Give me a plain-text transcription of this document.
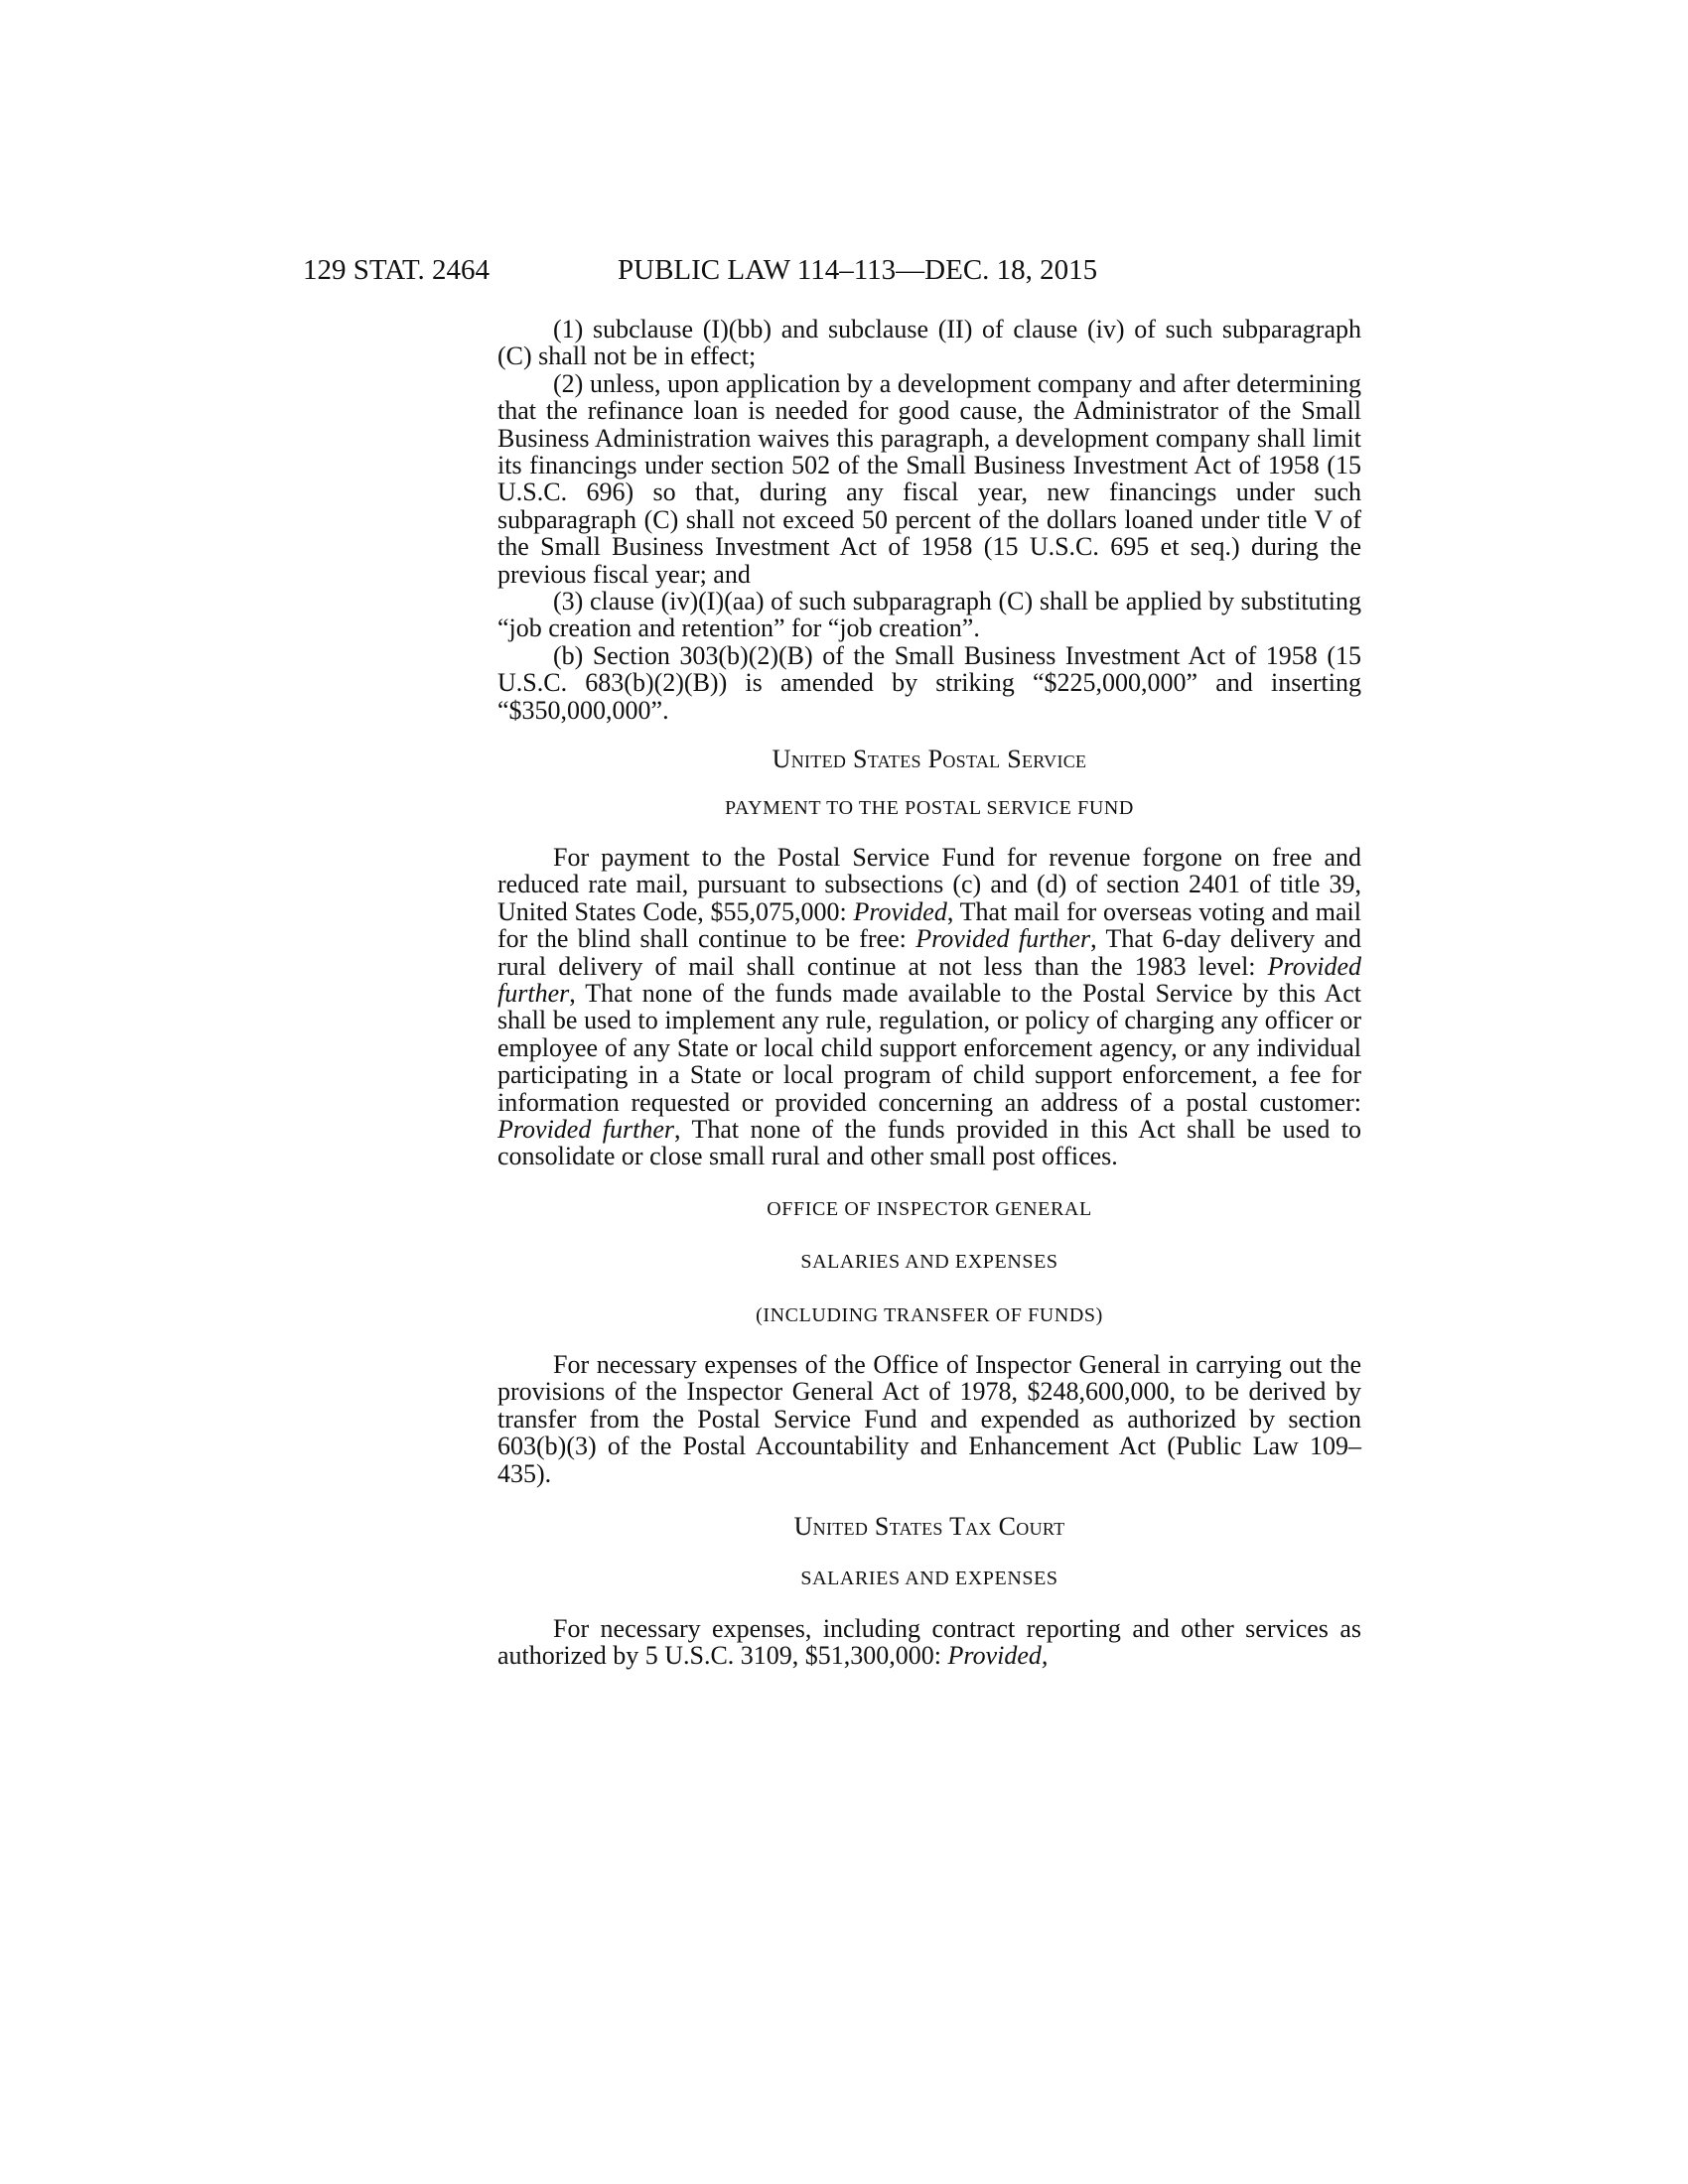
129 STAT. 2464	PUBLIC LAW 114–113—DEC. 18, 2015

(1) subclause (I)(bb) and subclause (II) of clause (iv) of such subparagraph (C) shall not be in effect;

(2) unless, upon application by a development company and after determining that the refinance loan is needed for good cause, the Administrator of the Small Business Administration waives this paragraph, a development company shall limit its financings under section 502 of the Small Business Investment Act of 1958 (15 U.S.C. 696) so that, during any fiscal year, new financings under such subparagraph (C) shall not exceed 50 percent of the dollars loaned under title V of the Small Business Investment Act of 1958 (15 U.S.C. 695 et seq.) during the previous fiscal year; and

(3) clause (iv)(I)(aa) of such subparagraph (C) shall be applied by substituting “job creation and retention” for “job creation”.

(b) Section 303(b)(2)(B) of the Small Business Investment Act of 1958 (15 U.S.C. 683(b)(2)(B)) is amended by striking “$225,000,000” and inserting “$350,000,000”.

United States Postal Service

PAYMENT TO THE POSTAL SERVICE FUND

For payment to the Postal Service Fund for revenue forgone on free and reduced rate mail, pursuant to subsections (c) and (d) of section 2401 of title 39, United States Code, $55,075,000: Provided, That mail for overseas voting and mail for the blind shall continue to be free: Provided further, That 6-day delivery and rural delivery of mail shall continue at not less than the 1983 level: Provided further, That none of the funds made available to the Postal Service by this Act shall be used to implement any rule, regulation, or policy of charging any officer or employee of any State or local child support enforcement agency, or any individual participating in a State or local program of child support enforcement, a fee for information requested or provided concerning an address of a postal customer: Provided further, That none of the funds provided in this Act shall be used to consolidate or close small rural and other small post offices.

OFFICE OF INSPECTOR GENERAL

SALARIES AND EXPENSES

(INCLUDING TRANSFER OF FUNDS)

For necessary expenses of the Office of Inspector General in carrying out the provisions of the Inspector General Act of 1978, $248,600,000, to be derived by transfer from the Postal Service Fund and expended as authorized by section 603(b)(3) of the Postal Accountability and Enhancement Act (Public Law 109–435).

United States Tax Court

SALARIES AND EXPENSES

For necessary expenses, including contract reporting and other services as authorized by 5 U.S.C. 3109, $51,300,000: Provided,
